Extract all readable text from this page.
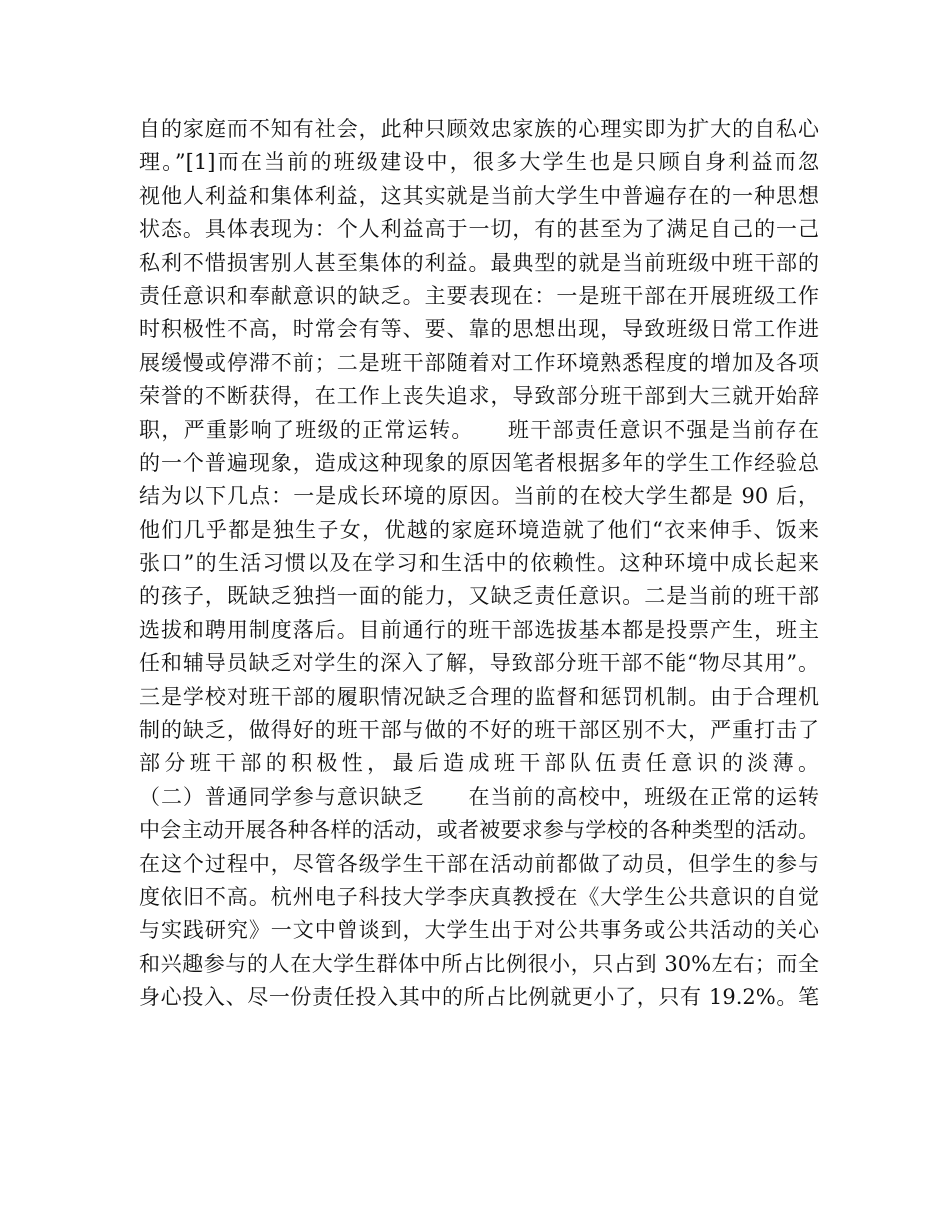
自的家庭而不知有社会，此种只顾效忠家族的心理实即为扩大的自私心
理。”[1]而在当前的班级建设中，很多大学生也是只顾自身利益而忽
视他人利益和集体利益，这其实就是当前大学生中普遍存在的一种思想
状态。具体表现为：个人利益高于一切，有的甚至为了满足自己的一己
私利不惜损害别人甚至集体的利益。最典型的就是当前班级中班干部的
责任意识和奉献意识的缺乏。主要表现在：一是班干部在开展班级工作
时积极性不高，时常会有等、要、靠的思想出现，导致班级日常工作进
展缓慢或停滞不前；二是班干部随着对工作环境熟悉程度的增加及各项
荣誉的不断获得，在工作上丧失追求，导致部分班干部到大三就开始辞
职，严重影响了班级的正常运转。　　班干部责任意识不强是当前存在
的一个普遍现象，造成这种现象的原因笔者根据多年的学生工作经验总
结为以下几点：一是成长环境的原因。当前的在校大学生都是 90 后，
他们几乎都是独生子女，优越的家庭环境造就了他们“衣来伸手、饭来
张口”的生活习惯以及在学习和生活中的依赖性。这种环境中成长起来
的孩子，既缺乏独挡一面的能力，又缺乏责任意识。二是当前的班干部
选拔和聘用制度落后。目前通行的班干部选拔基本都是投票产生，班主
任和辅导员缺乏对学生的深入了解，导致部分班干部不能“物尽其用”。
三是学校对班干部的履职情况缺乏合理的监督和惩罚机制。由于合理机
制的缺乏，做得好的班干部与做的不好的班干部区别不大，严重打击了
部分班干部的积极性，最后造成班干部队伍责任意识的淡薄。
（二）普通同学参与意识缺乏　　在当前的高校中，班级在正常的运转
中会主动开展各种各样的活动，或者被要求参与学校的各种类型的活动。
在这个过程中，尽管各级学生干部在活动前都做了动员，但学生的参与
度依旧不高。杭州电子科技大学李庆真教授在《大学生公共意识的自觉
与实践研究》一文中曾谈到，大学生出于对公共事务或公共活动的关心
和兴趣参与的人在大学生群体中所占比例很小，只占到 30%左右；而全
身心投入、尽一份责任投入其中的所占比例就更小了，只有 19.2%。笔
